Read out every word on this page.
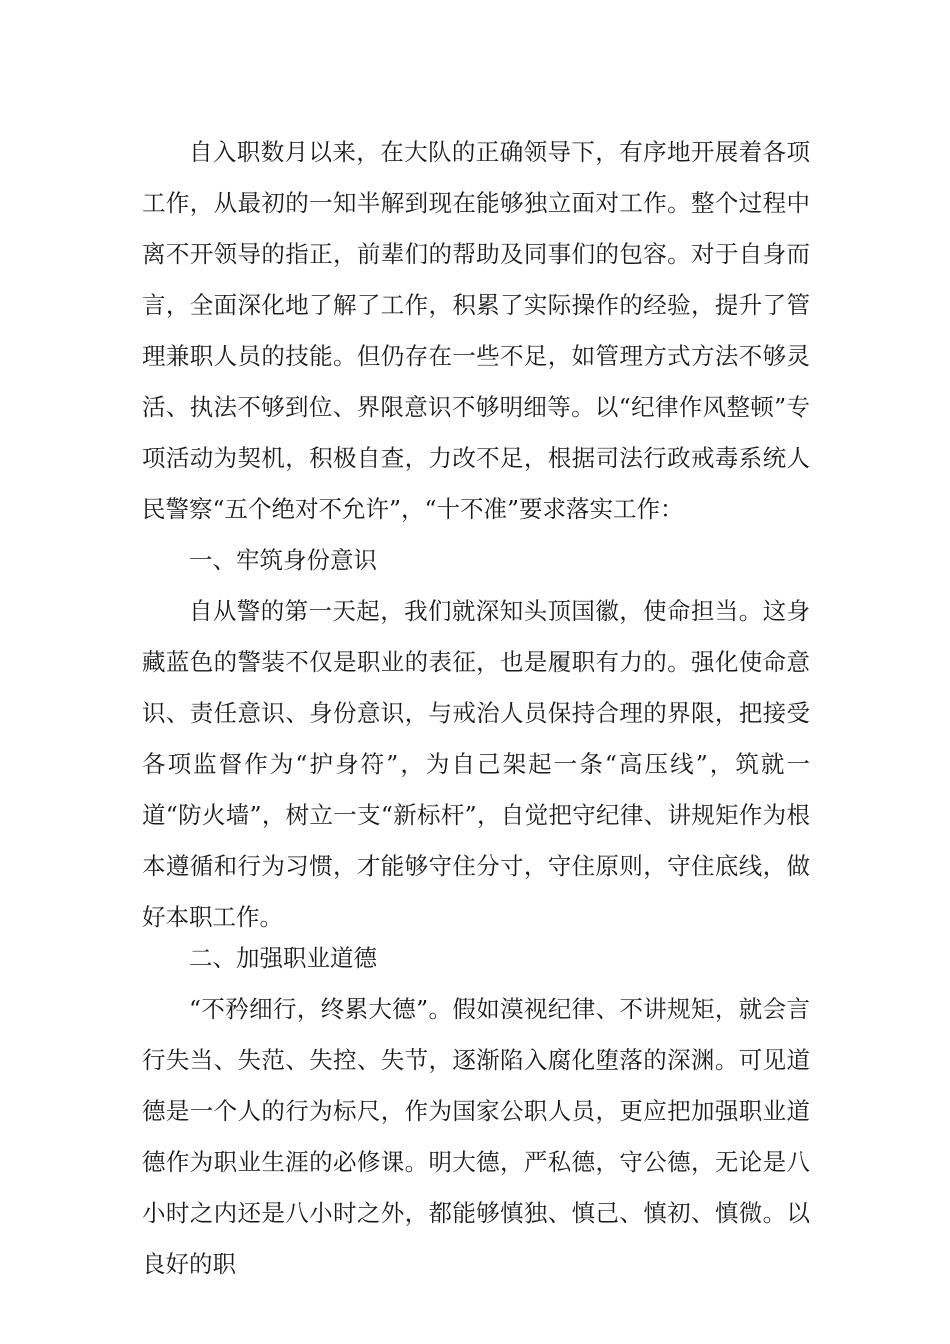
自入职数月以来，在大队的正确领导下，有序地开展着各项工作，从最初的一知半解到现在能够独立面对工作。整个过程中离不开领导的指正，前辈们的帮助及同事们的包容。对于自身而言，全面深化地了解了工作，积累了实际操作的经验，提升了管理兼职人员的技能。但仍存在一些不足，如管理方式方法不够灵活、执法不够到位、界限意识不够明细等。以“纪律作风整顿”专项活动为契机，积极自查，力改不足，根据司法行政戒毒系统人民警察“五个绝对不允许”，“十不准”要求落实工作：

一、牢筑身份意识

自从警的第一天起，我们就深知头顶国徽，使命担当。这身藏蓝色的警装不仅是职业的表征，也是履职有力的。强化使命意识、责任意识、身份意识，与戒治人员保持合理的界限，把接受各项监督作为“护身符”，为自己架起一条“高压线”，筑就一道“防火墙”，树立一支“新标杆”，自觉把守纪律、讲规矩作为根本遵循和行为习惯，才能够守住分寸，守住原则，守住底线，做好本职工作。

二、加强职业道德

“不矜细行，终累大德”。假如漠视纪律、不讲规矩，就会言行失当、失范、失控、失节，逐渐陷入腐化堕落的深渊。可见道德是一个人的行为标尺，作为国家公职人员，更应把加强职业道德作为职业生涯的必修课。明大德，严私德，守公德，无论是八小时之内还是八小时之外，都能够慎独、慎己、慎初、慎微。以良好的职
